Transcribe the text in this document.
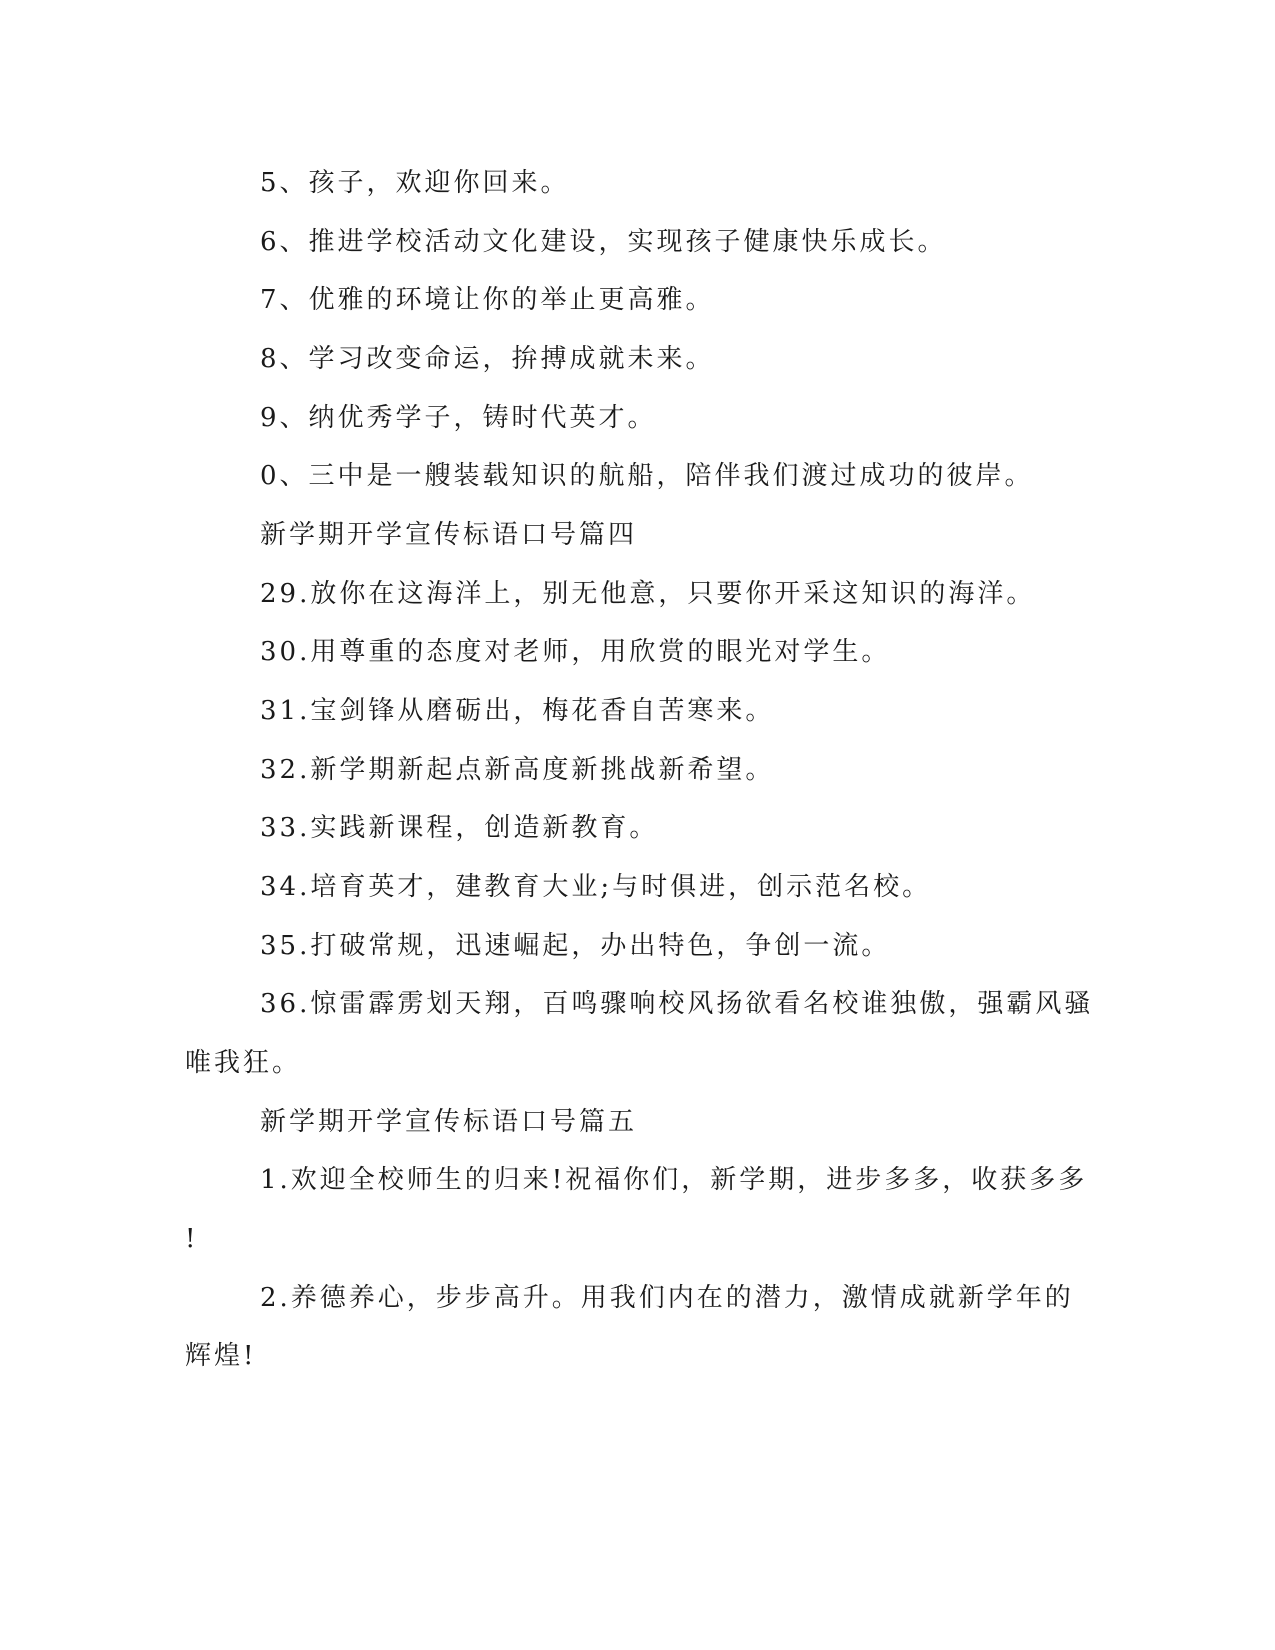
5、孩子，欢迎你回来。
6、推进学校活动文化建设，实现孩子健康快乐成长。
7、优雅的环境让你的举止更高雅。
8、学习改变命运，拚搏成就未来。
9、纳优秀学子，铸时代英才。
0、三中是一艘装载知识的航船，陪伴我们渡过成功的彼岸。
新学期开学宣传标语口号篇四
29.放你在这海洋上，别无他意，只要你开采这知识的海洋。
30.用尊重的态度对老师，用欣赏的眼光对学生。
31.宝剑锋从磨砺出，梅花香自苦寒来。
32.新学期新起点新高度新挑战新希望。
33.实践新课程，创造新教育。
34.培育英才，建教育大业;与时俱进，创示范名校。
35.打破常规，迅速崛起，办出特色，争创一流。
36.惊雷霹雳划天翔，百鸣骤响校风扬欲看名校谁独傲，强霸风骚
唯我狂。
新学期开学宣传标语口号篇五
1.欢迎全校师生的归来!祝福你们，新学期，进步多多，收获多多
!
2.养德养心，步步高升。用我们内在的潜力，激情成就新学年的
辉煌!
